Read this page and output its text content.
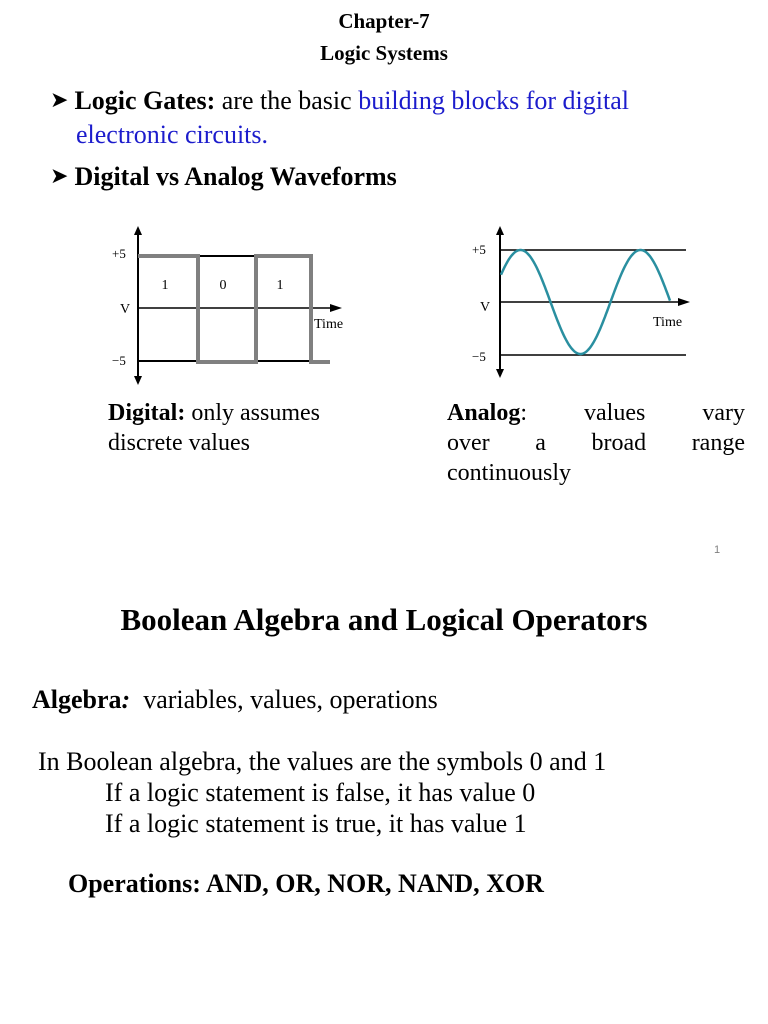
Chapter-7
Logic Systems
➤ Logic Gates: are the basic building blocks for digital
electronic circuits.
➤ Digital vs Analog Waveforms
+5
V
−5
Time
1	0	1
+5
V
−5
Time
Digital: only assumes
discrete values
Analog: values vary
over a broad range
continuously
1
Boolean Algebra and Logical Operators
Algebra: variables, values, operations
In Boolean algebra, the values are the symbols 0 and 1
If a logic statement is false, it has value 0
If a logic statement is true, it has value 1
Operations: AND, OR, NOR, NAND, XOR
